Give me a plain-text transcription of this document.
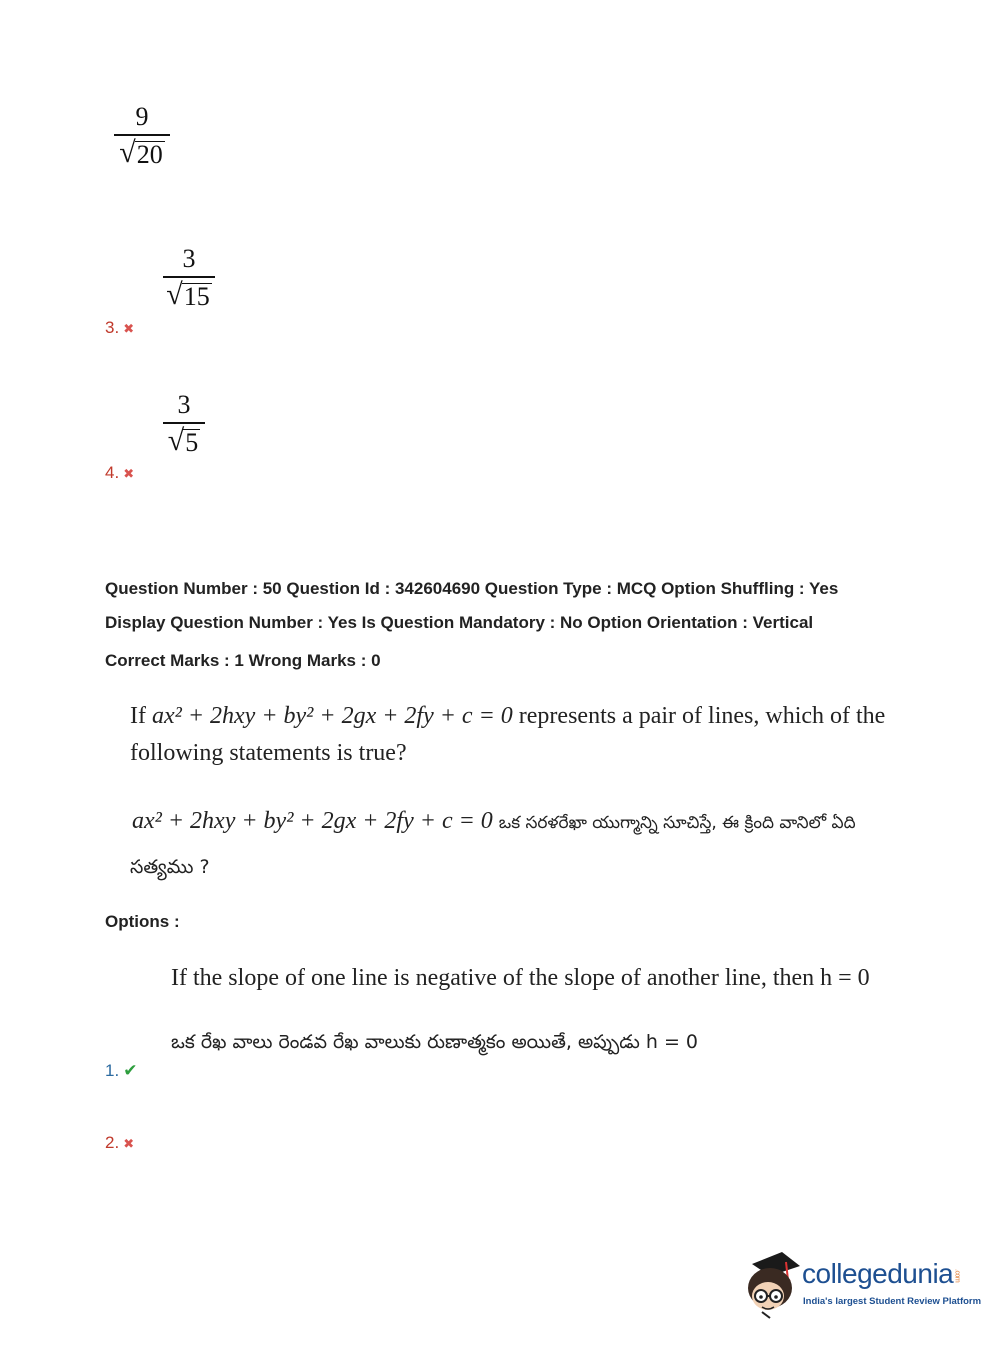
9
√ 20
3
√ 15
3. ✖
3
√ 5
4. ✖
Question Number : 50 Question Id : 342604690 Question Type : MCQ Option Shuffling : Yes
Display Question Number : Yes Is Question Mandatory : No Option Orientation : Vertical
Correct Marks : 1 Wrong Marks : 0
If ax² + 2hxy + by² + 2gx + 2fy + c = 0 represents a pair of lines, which of the
following statements is true?
ax² + 2hxy + by² + 2gx + 2fy + c = 0 ఒక సరళరేఖా యుగ్మాన్ని సూచిస్తే, ఈ క్రింది వానిలో ఏది
సత్యము ?
Options :
If the slope of one line is negative of the slope of another line, then h = 0
ఒక రేఖ వాలు రెండవ రేఖ వాలుకు రుణాత్మకం అయితే, అప్పుడు h = 0
1. ✔
2. ✖
collegedunia.com
India's largest Student Review Platform
